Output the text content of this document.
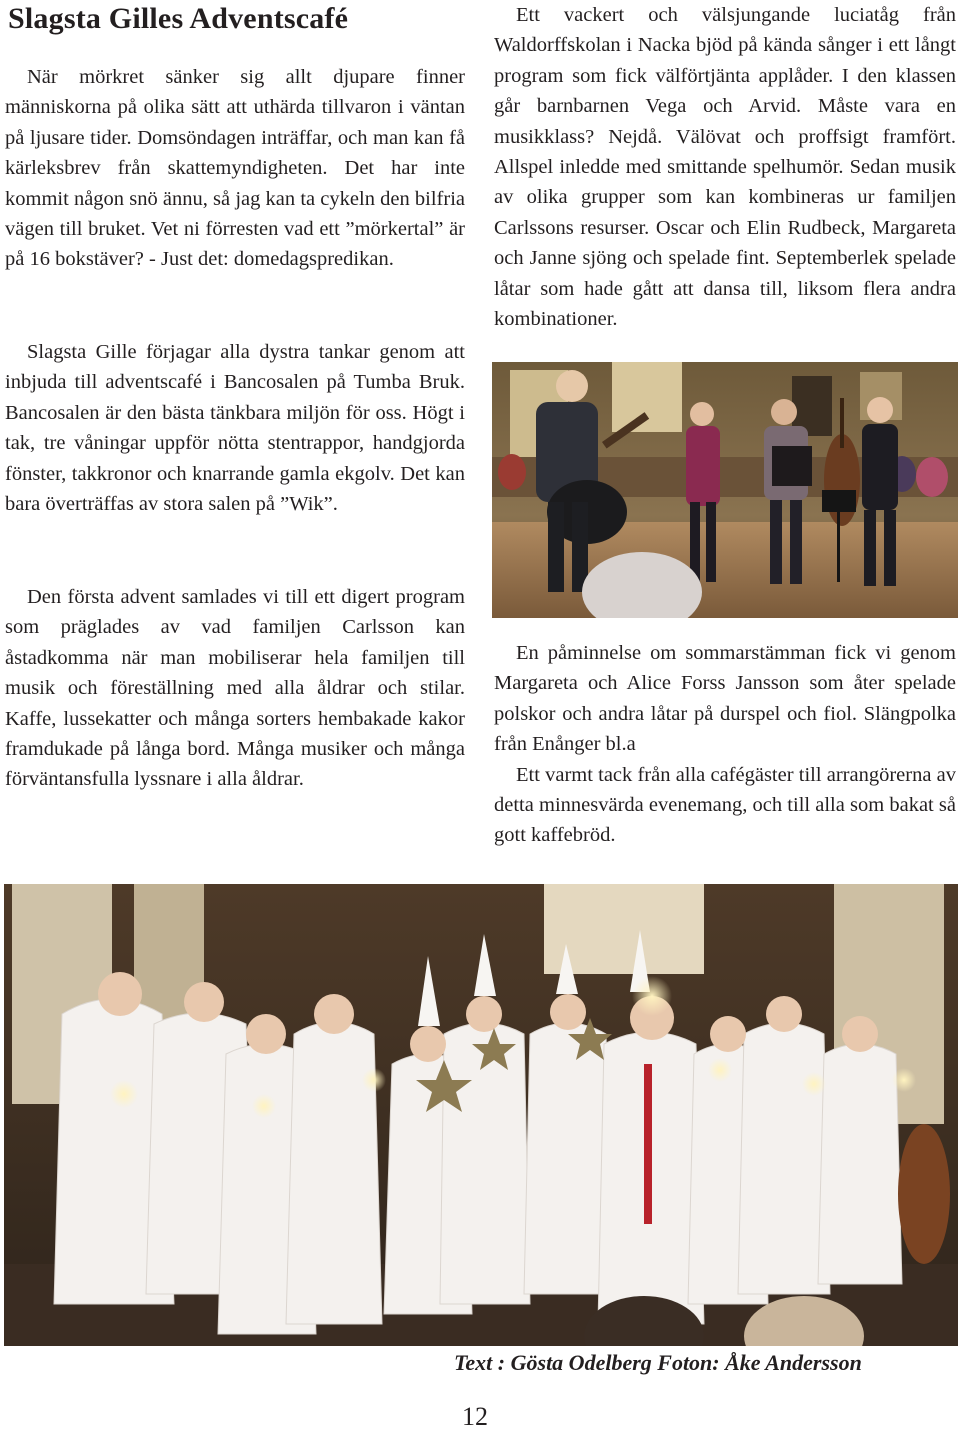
Slagsta Gilles Adventscafé

När mörkret sänker sig allt djupare finner människorna på olika sätt att uthärda tillvaron i väntan på ljusare tider. Domsöndagen inträffar, och man kan få kärleksbrev från skattemyndigheten. Det har inte kommit någon snö ännu, så jag kan ta cykeln den bilfria vägen till bruket. Vet ni förresten vad ett ”mörkertal” är på 16 bokstäver? - Just det: domedagspredikan.

Slagsta Gille förjagar alla dystra tankar genom att inbjuda till adventscafé i Bancosalen på Tumba Bruk. Bancosalen är den bästa tänkbara miljön för oss. Högt i tak, tre våningar uppför nötta stentrappor, handgjorda fönster, takkronor och knarrande gamla ekgolv. Det kan bara överträffas av stora salen på ”Wik”.

Den första advent samlades vi till ett digert program som präglades av vad familjen Carlsson kan åstadkomma när man mobiliserar hela familjen till musik och föreställning med alla åldrar och stilar. Kaffe, lussekatter och många sorters hembakade kakor framdukade på långa bord. Många musiker och många förväntansfulla lyssnare i alla åldrar.

Ett vackert och välsjungande luciatåg från Waldorffskolan i Nacka bjöd på kända sånger i ett långt program som fick välförtjänta applåder. I den klassen går barnbarnen Vega och Arvid. Måste vara en musikklass? Nejdå. Välövat och proffsigt framfört. Allspel inledde med smittande spelhumör. Sedan musik av olika grupper som kan kombineras ur familjen Carlssons resurser. Oscar och Elin Rudbeck, Margareta och Janne sjöng och spelade fint. Septemberlek spelade låtar som hade gått att dansa till, liksom flera andra kombinationer.

En påminnelse om sommarstämman fick vi genom Margareta och Alice Forss Jansson som åter spelade polskor och andra låtar på durspel och fiol. Slängpolka från Enånger bl.a
Ett varmt tack från alla cafégäster till arrangörerna av detta minnesvärda evenemang, och till alla som bakat så gott kaffebröd.

Text : Gösta Odelberg Foton: Åke Andersson

12
